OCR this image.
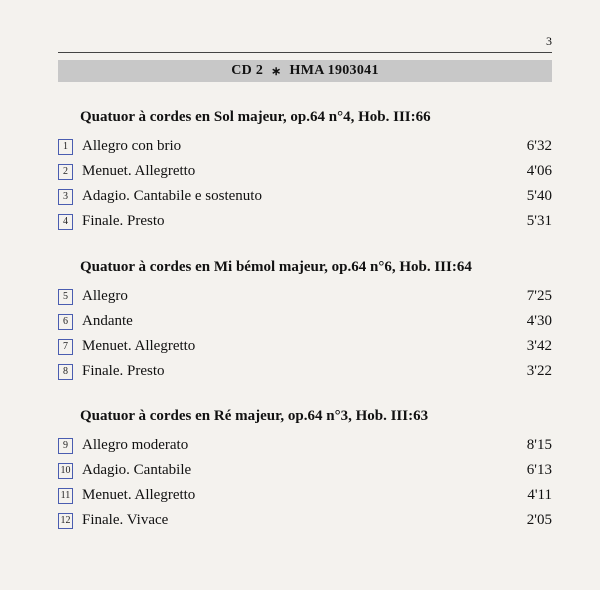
3
CD 2 ∗ HMA 1903041
Quatuor à cordes en Sol majeur, op.64 n°4, Hob. III:66
1 Allegro con brio	6'32
2 Menuet. Allegretto	4'06
3 Adagio. Cantabile e sostenuto	5'40
4 Finale. Presto	5'31
Quatuor à cordes en Mi bémol majeur, op.64 n°6, Hob. III:64
5 Allegro	7'25
6 Andante	4'30
7 Menuet. Allegretto	3'42
8 Finale. Presto	3'22
Quatuor à cordes en Ré majeur, op.64 n°3, Hob. III:63
9 Allegro moderato	8'15
10 Adagio. Cantabile	6'13
11 Menuet. Allegretto	4'11
12 Finale. Vivace	2'05
